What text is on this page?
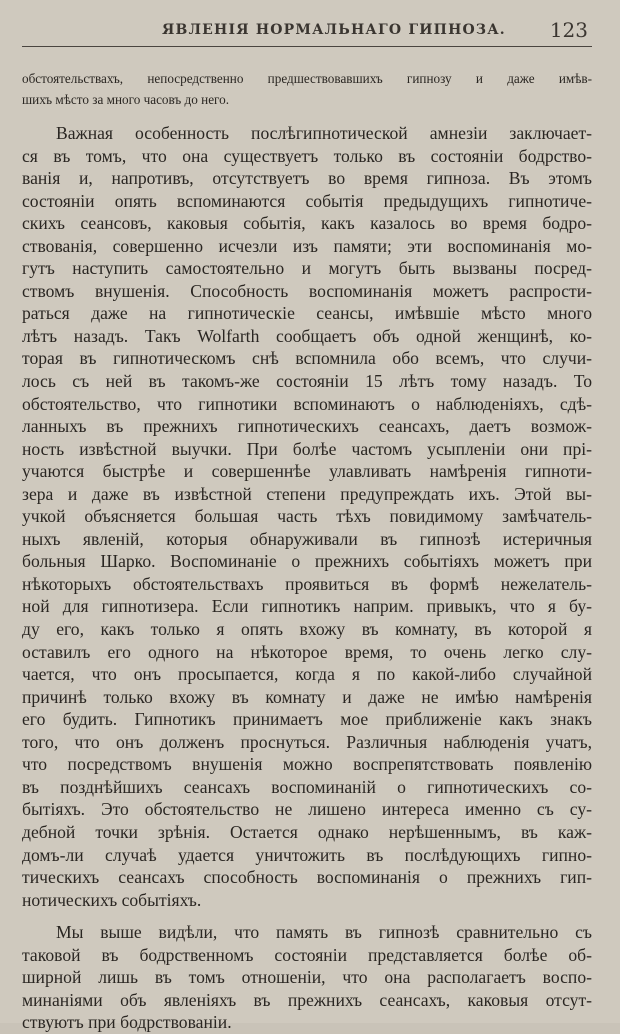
ЯВЛЕНІЯ НОРМАЛЬНАГО ГИПНОЗА. 123
обстоятельствахъ, непосредственно предшествовавшихъ гипнозу и даже имѣв-
шихъ мѣсто за много часовъ до него.
Важная особенность послѣгипнотической амнезіи заключает-
ся въ томъ, что она существуетъ только въ состояніи бодрство-
ванія и, напротивъ, отсутствуетъ во время гипноза. Въ этомъ
состояніи опять вспоминаются событія предыдущихъ гипнотиче-
скихъ сеансовъ, каковыя событія, какъ казалось во время бодро-
ствованія, совершенно исчезли изъ памяти; эти воспоминанія мо-
гутъ наступить самостоятельно и могутъ быть вызваны посред-
ствомъ внушенія. Способность воспоминанія можетъ распрости-
раться даже на гипнотическіе сеансы, имѣвшіе мѣсто много
лѣтъ назадъ. Такъ Wolfarth сообщаетъ объ одной женщинѣ, ко-
торая въ гипнотическомъ снѣ вспомнила обо всемъ, что случи-
лось съ ней въ такомъ-же состояніи 15 лѣтъ тому назадъ. То
обстоятельство, что гипнотики вспоминаютъ о наблюденіяхъ, сдѣ-
ланныхъ въ прежнихъ гипнотическихъ сеансахъ, даетъ возмож-
ность извѣстной выучки. При болѣе частомъ усыпленіи они прі-
учаются быстрѣе и совершеннѣе улавливать намѣренія гипноти-
зера и даже въ извѣстной степени предупреждать ихъ. Этой вы-
учкой объясняется большая часть тѣхъ повидимому замѣчатель-
ныхъ явленій, которыя обнаруживали въ гипнозѣ истеричныя
больныя Шарко. Воспоминаніе о прежнихъ событіяхъ можетъ при
нѣкоторыхъ обстоятельствахъ проявиться въ формѣ нежелатель-
ной для гипнотизера. Если гипнотикъ наприм. привыкъ, что я бу-
ду его, какъ только я опять вхожу въ комнату, въ которой я
оставилъ его одного на нѣкоторое время, то очень легко слу-
чается, что онъ просыпается, когда я по какой-либо случайной
причинѣ только вхожу въ комнату и даже не имѣю намѣренія
его будить. Гипнотикъ принимаетъ мое приближеніе какъ знакъ
того, что онъ долженъ проснуться. Различныя наблюденія учатъ,
что посредствомъ внушенія можно воспрепятствовать появленію
въ позднѣйшихъ сеансахъ воспоминаній о гипнотическихъ со-
бытіяхъ. Это обстоятельство не лишено интереса именно съ су-
дебной точки зрѣнія. Остается однако нерѣшеннымъ, въ каж-
домъ-ли случаѣ удается уничтожить въ послѣдующихъ гипно-
тическихъ сеансахъ способность воспоминанія о прежнихъ гип-
нотическихъ событіяхъ.
Мы выше видѣли, что память въ гипнозѣ сравнительно съ
таковой въ бодрственномъ состояніи представляется болѣе об-
ширной лишь въ томъ отношеніи, что она располагаетъ воспо-
минаніями объ явленіяхъ въ прежнихъ сеансахъ, каковыя отсут-
ствуютъ при бодрствованіи.
